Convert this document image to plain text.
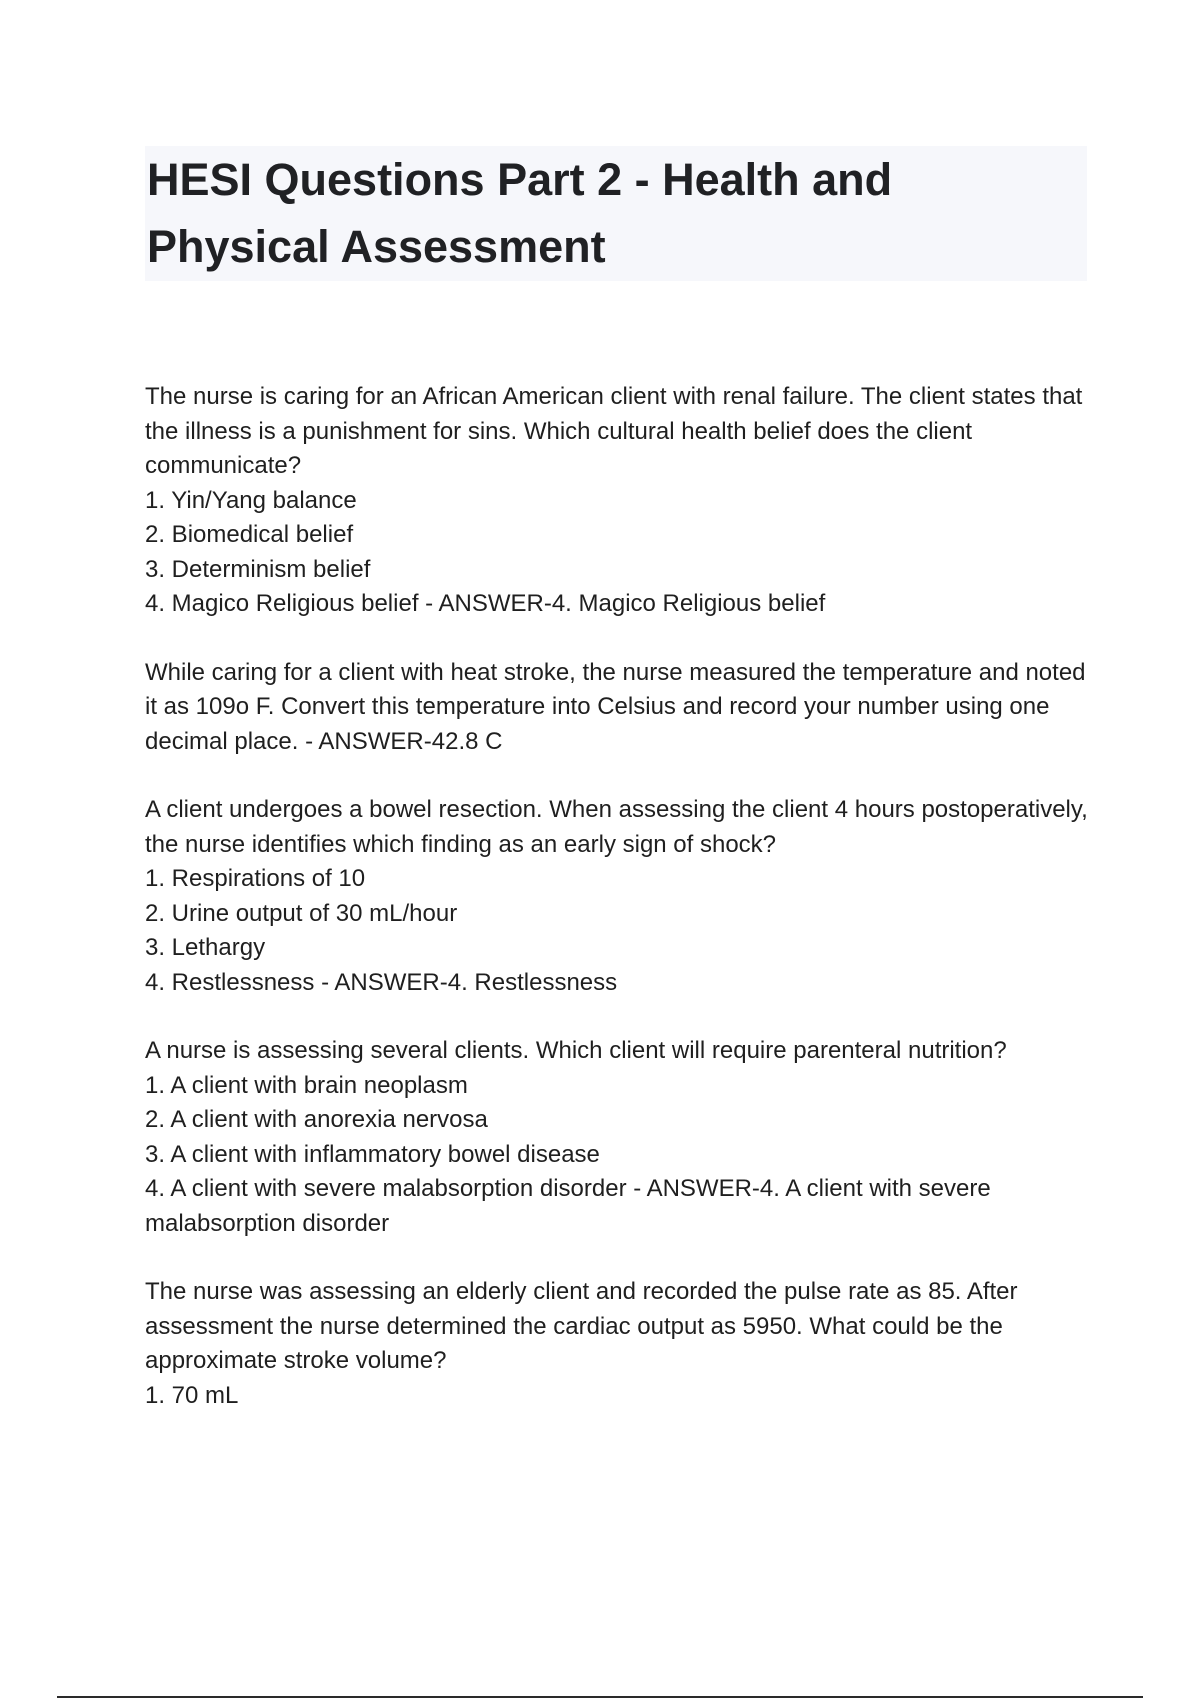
HESI Questions Part 2 - Health and
Physical Assessment
The nurse is caring for an African American client with renal failure. The client states that the illness is a punishment for sins. Which cultural health belief does the client communicate?
1. Yin/Yang balance
2. Biomedical belief
3. Determinism belief
4. Magico Religious belief - ANSWER-4. Magico Religious belief
While caring for a client with heat stroke, the nurse measured the temperature and noted it as 109o F. Convert this temperature into Celsius and record your number using one decimal place. - ANSWER-42.8 C
A client undergoes a bowel resection. When assessing the client 4 hours postoperatively, the nurse identifies which finding as an early sign of shock?
1. Respirations of 10
2. Urine output of 30 mL/hour
3. Lethargy
4. Restlessness - ANSWER-4. Restlessness
A nurse is assessing several clients. Which client will require parenteral nutrition?
1. A client with brain neoplasm
2. A client with anorexia nervosa
3. A client with inflammatory bowel disease
4. A client with severe malabsorption disorder - ANSWER-4. A client with severe malabsorption disorder
The nurse was assessing an elderly client and recorded the pulse rate as 85. After assessment the nurse determined the cardiac output as 5950. What could be the approximate stroke volume?
1. 70 mL
